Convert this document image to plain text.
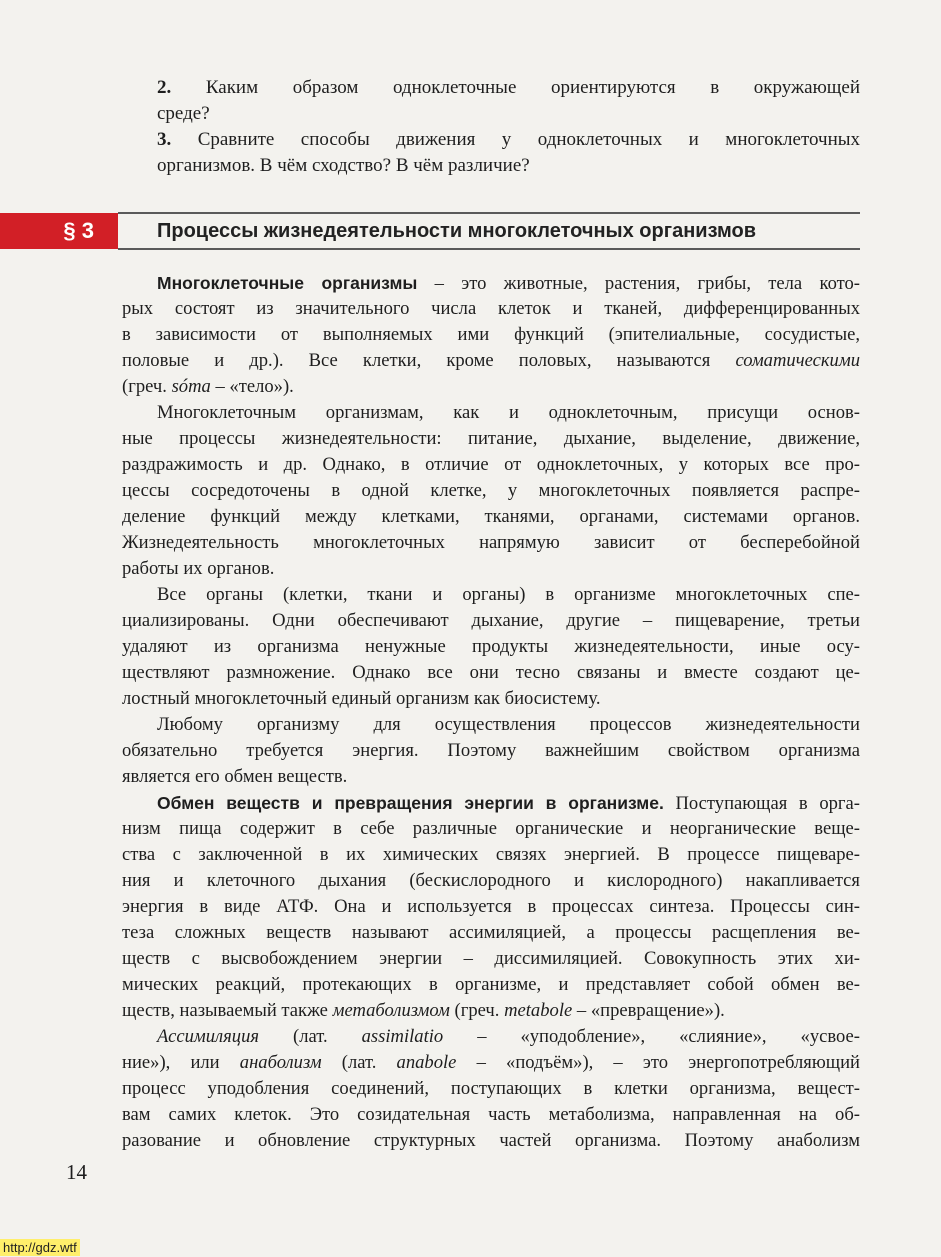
2. Каким образом одноклеточные ориентируются в окружающей
среде?
3. Сравните способы движения у одноклеточных и многоклеточных
организмов. В чём сходство? В чём различие?
§ 3	Процессы жизнедеятельности многоклеточных организмов
Многоклеточные организмы – это животные, растения, грибы, тела кото-
рых состоят из значительного числа клеток и тканей, дифференцированных
в зависимости от выполняемых ими функций (эпителиальные, сосудистые,
половые и др.). Все клетки, кроме половых, называются соматическими
(греч. sóma – «тело»).
Многоклеточным организмам, как и одноклеточным, присущи основ-
ные процессы жизнедеятельности: питание, дыхание, выделение, движение,
раздражимость и др. Однако, в отличие от одноклеточных, у которых все про-
цессы сосредоточены в одной клетке, у многоклеточных появляется распре-
деление функций между клетками, тканями, органами, системами органов.
Жизнедеятельность многоклеточных напрямую зависит от бесперебойной
работы их органов.
Все органы (клетки, ткани и органы) в организме многоклеточных спе-
циализированы. Одни обеспечивают дыхание, другие – пищеварение, третьи
удаляют из организма ненужные продукты жизнедеятельности, иные осу-
ществляют размножение. Однако все они тесно связаны и вместе создают це-
лостный многоклеточный единый организм как биосистему.
Любому организму для осуществления процессов жизнедеятельности
обязательно требуется энергия. Поэтому важнейшим свойством организма
является его обмен веществ.
Обмен веществ и превращения энергии в организме. Поступающая в орга-
низм пища содержит в себе различные органические и неорганические веще-
ства с заключенной в их химических связях энергией. В процессе пищеваре-
ния и клеточного дыхания (бескислородного и кислородного) накапливается
энергия в виде АТФ. Она и используется в процессах синтеза. Процессы син-
теза сложных веществ называют ассимиляцией, а процессы расщепления ве-
ществ с высвобождением энергии – диссимиляцией. Совокупность этих хи-
мических реакций, протекающих в организме, и представляет собой обмен ве-
ществ, называемый также метаболизмом (греч. metabole – «превращение»).
Ассимиляция (лат. assimilatio – «уподобление», «слияние», «усвое-
ние»), или анаболизм (лат. anabole – «подъём»), – это энергопотребляющий
процесс уподобления соединений, поступающих в клетки организма, вещест-
вам самих клеток. Это созидательная часть метаболизма, направленная на об-
разование и обновление структурных частей организма. Поэтому анаболизм
14
http://gdz.wtf
